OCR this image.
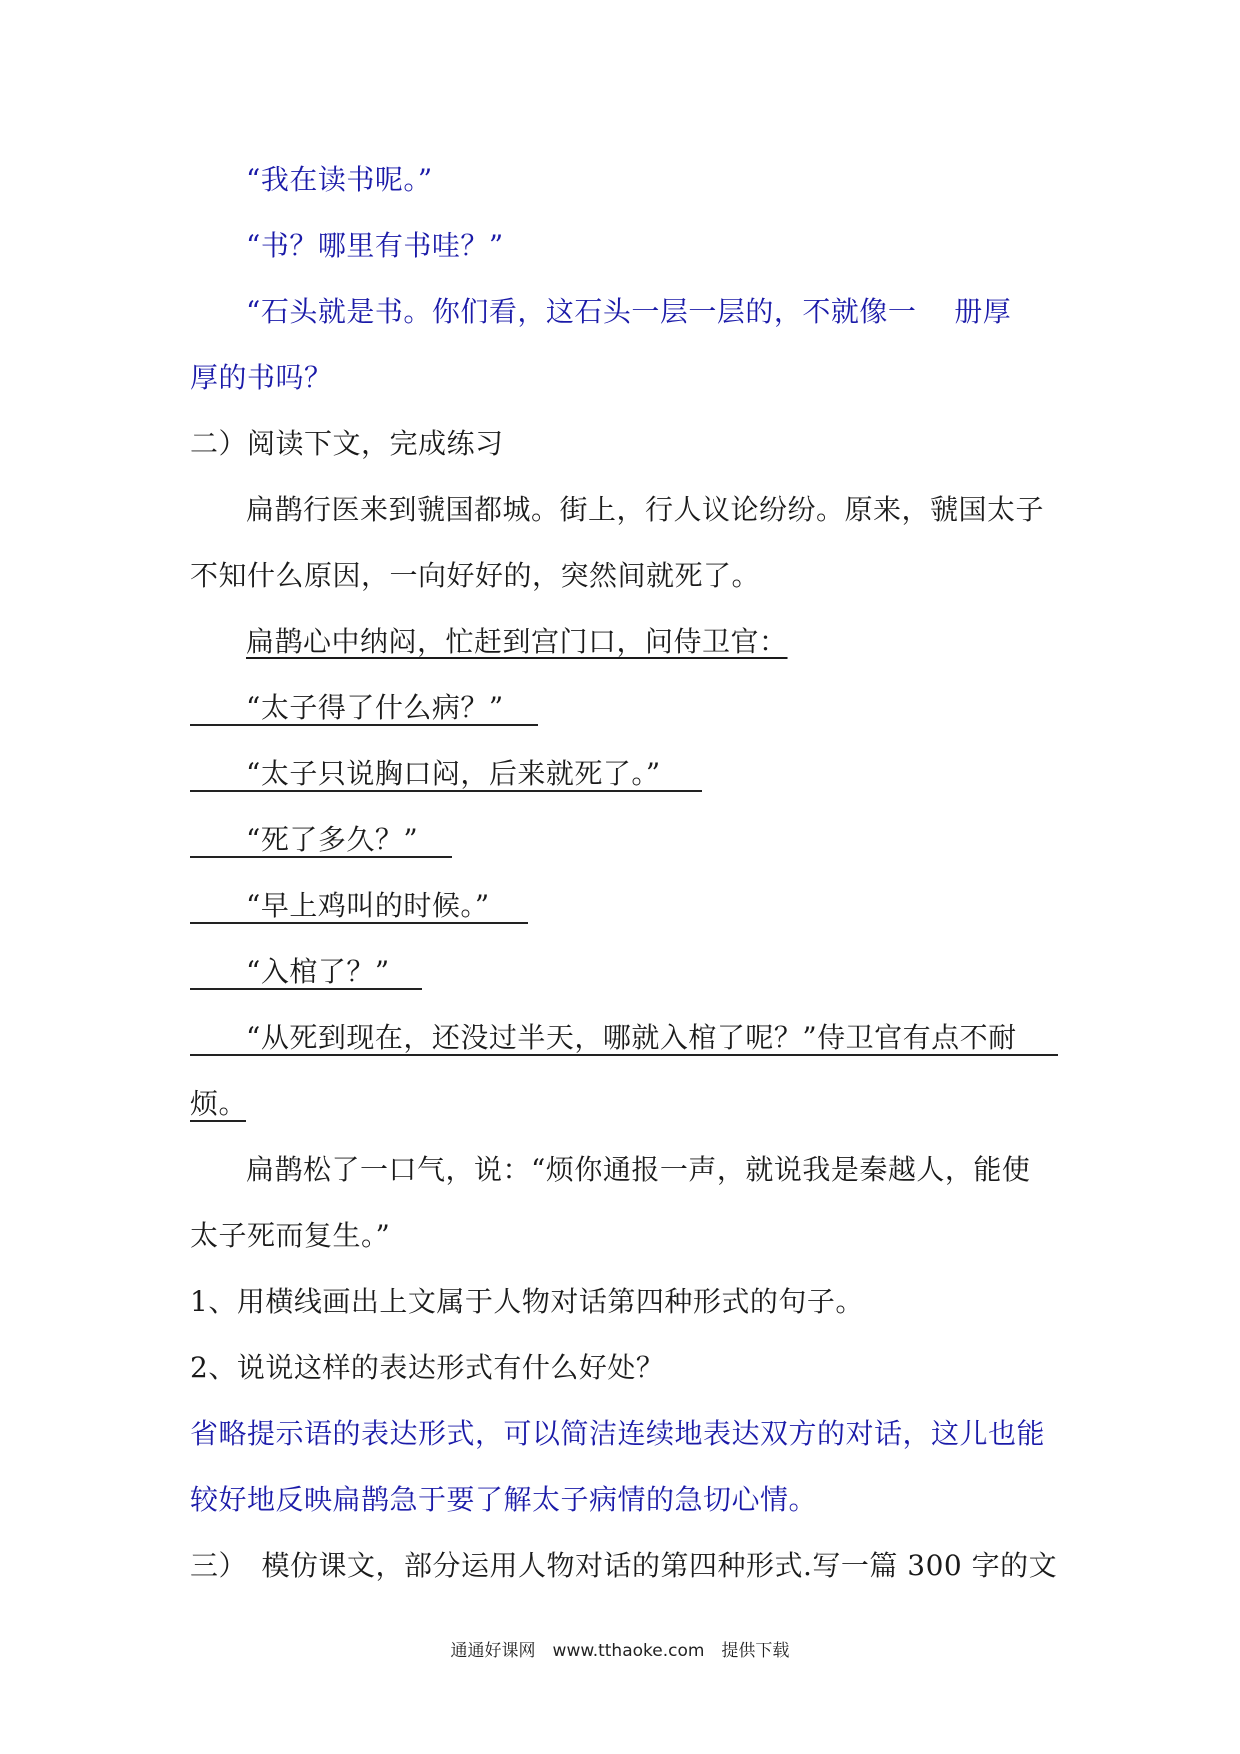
“我在读书呢。”
“书？哪里有书哇？”
“石头就是书。你们看，这石头一层一层的，不就像一　 册厚
厚的书吗？
二）阅读下文，完成练习
扁鹊行医来到虢国都城。街上，行人议论纷纷。原来，虢国太子
不知什么原因，一向好好的，突然间就死了。
扁鹊心中纳闷，忙赶到宫门口，问侍卫官：
“太子得了什么病？”
“太子只说胸口闷，后来就死了。”
“死了多久？”
“早上鸡叫的时候。”
“入棺了？”
“从死到现在，还没过半天，哪就入棺了呢？”侍卫官有点不耐
烦。
扁鹊松了一口气，说：“烦你通报一声，就说我是秦越人，能使
太子死而复生。”
1、用横线画出上文属于人物对话第四种形式的句子。
2、说说这样的表达形式有什么好处？
省略提示语的表达形式，可以简洁连续地表达双方的对话，这儿也能
较好地反映扁鹊急于要了解太子病情的急切心情。
三）　模仿课文，部分运用人物对话的第四种形式.写一篇 300 字的文
通通好课网　www.tthaoke.com　提供下载
